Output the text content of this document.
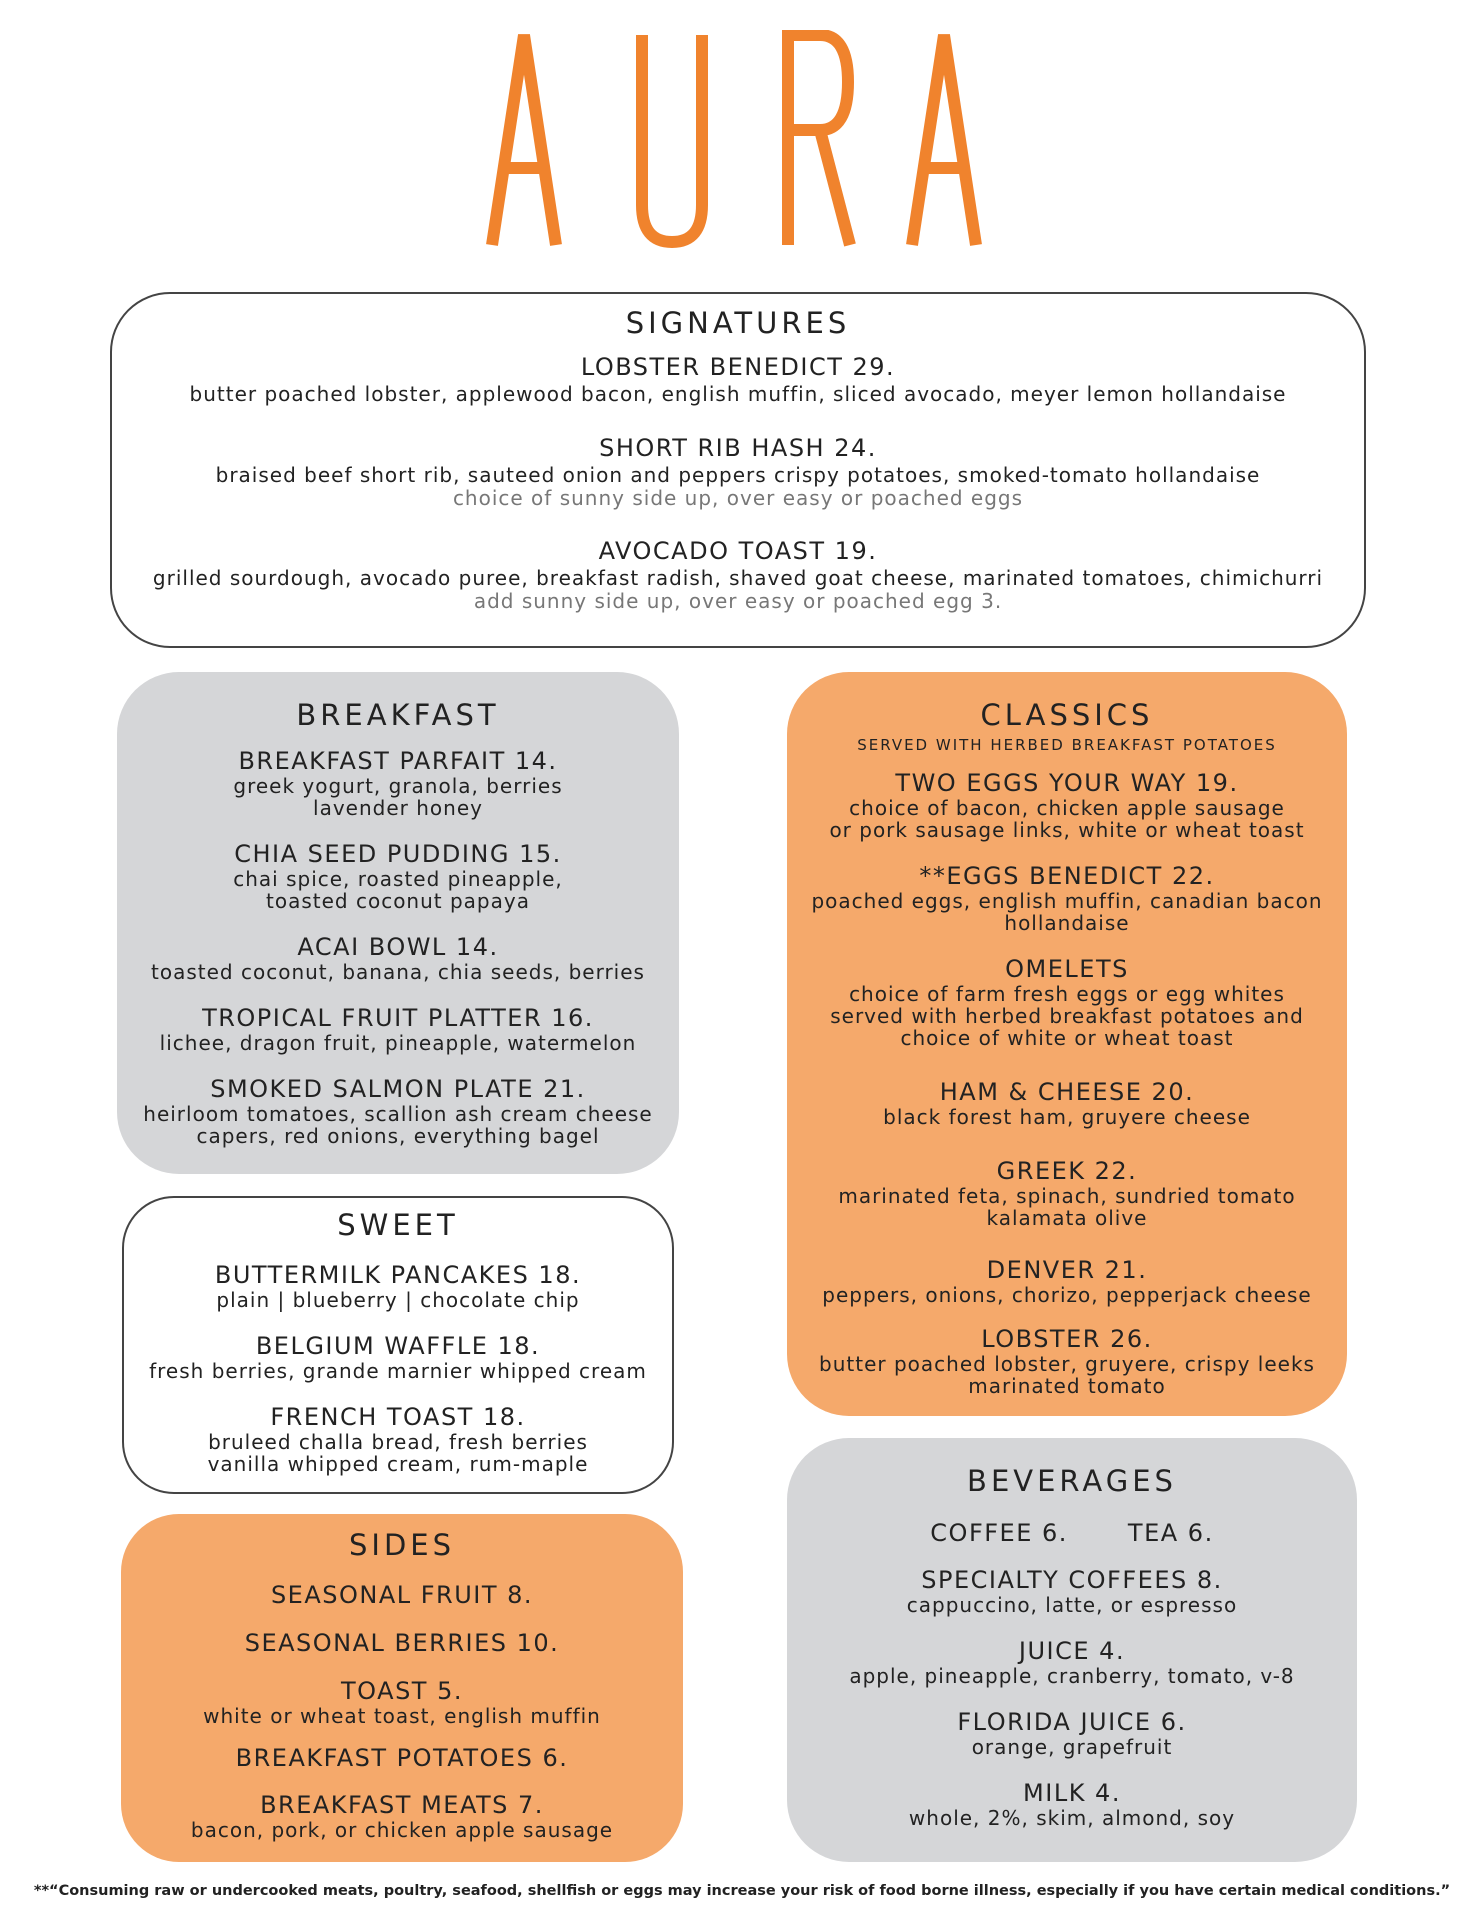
SIGNATURES
LOBSTER BENEDICT 29.
butter poached lobster, applewood bacon, english muffin, sliced avocado, meyer lemon hollandaise
SHORT RIB HASH 24.
braised beef short rib, sauteed onion and peppers crispy potatoes, smoked-tomato hollandaise
choice of sunny side up, over easy or poached eggs
AVOCADO TOAST 19.
grilled sourdough, avocado puree, breakfast radish, shaved goat cheese, marinated tomatoes, chimichurri
add sunny side up, over easy or poached egg 3.
BREAKFAST
BREAKFAST PARFAIT 14.
greek yogurt, granola, berries
lavender honey
CHIA SEED PUDDING 15.
chai spice, roasted pineapple,
toasted coconut papaya
ACAI BOWL 14.
toasted coconut, banana, chia seeds, berries
TROPICAL FRUIT PLATTER 16.
lichee, dragon fruit, pineapple, watermelon
SMOKED SALMON PLATE 21.
heirloom tomatoes, scallion ash cream cheese
capers, red onions, everything bagel
SWEET
BUTTERMILK PANCAKES 18.
plain | blueberry | chocolate chip
BELGIUM WAFFLE 18.
fresh berries, grande marnier whipped cream
FRENCH TOAST 18.
bruleed challa bread, fresh berries
vanilla whipped cream, rum-maple
SIDES
SEASONAL FRUIT 8.
SEASONAL BERRIES 10.
TOAST 5.
white or wheat toast, english muffin
BREAKFAST POTATOES 6.
BREAKFAST MEATS 7.
bacon, pork, or chicken apple sausage
CLASSICS
SERVED WITH HERBED BREAKFAST POTATOES
TWO EGGS YOUR WAY 19.
choice of bacon, chicken apple sausage
or pork sausage links, white or wheat toast
**EGGS BENEDICT 22.
poached eggs, english muffin, canadian bacon
hollandaise
OMELETS
choice of farm fresh eggs or egg whites
served with herbed breakfast potatoes and
choice of white or wheat toast
HAM & CHEESE 20.
black forest ham, gruyere cheese
GREEK 22.
marinated feta, spinach, sundried tomato
kalamata olive
DENVER 21.
peppers, onions, chorizo, pepperjack cheese
LOBSTER 26.
butter poached lobster, gruyere, crispy leeks
marinated tomato
BEVERAGES
COFFEE 6.	TEA 6.
SPECIALTY COFFEES 8.
cappuccino, latte, or espresso
JUICE 4.
apple, pineapple, cranberry, tomato, v-8
FLORIDA JUICE 6.
orange, grapefruit
MILK 4.
whole, 2%, skim, almond, soy
**“Consuming raw or undercooked meats, poultry, seafood, shellfish or eggs may increase your risk of food borne illness, especially if you have certain medical conditions.”
